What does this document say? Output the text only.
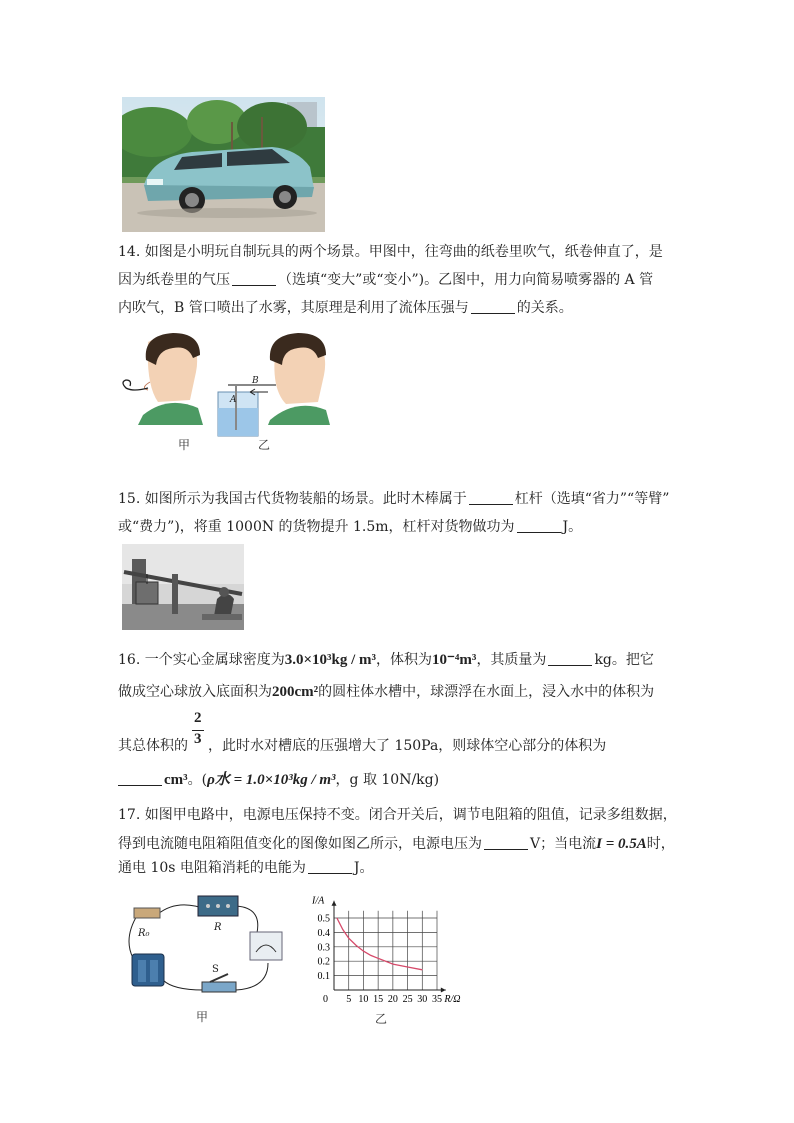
14. 如图是小明玩自制玩具的两个场景。甲图中，往弯曲的纸卷里吹气，纸卷伸直了，是
因为纸卷里的气压	（选填“变大”或“变小”)。乙图中，用力向简易喷雾器的 A 管
内吹气，B 管口喷出了水雾，其原理是利用了流体压强与	的关系。
B
A
甲	乙
15. 如图所示为我国古代货物装船的场景。此时木棒属于	杠杆（选填“省力”“等臂”
或“费力”)，将重 1000N 的货物提升 1.5m，杠杆对货物做功为	J。
16. 一个实心金属球密度为3.0×10³kg / m³，体积为10⁻⁴m³，其质量为	kg。把它
做成空心球放入底面积为200cm²的圆柱体水槽中，球漂浮在水面上，浸入水中的体积为
2
3
其总体积的 ，此时水对槽底的压强增大了 150Pa，则球体空心部分的体积为
cm³。(ρ水 = 1.0×10³kg / m³，g 取 10N/kg)
17. 如图甲电路中，电源电压保持不变。闭合开关后，调节电阻箱的阻值，记录多组数据，
得到电流随电阻箱阻值变化的图像如图乙所示，电源电压为	V；当电流I = 0.5A时，
通电 10s 电阻箱消耗的电能为	J。
R₀
R
S
甲
5 10 15 20 25 30 35
0.1
0.2
0.3
0.4
0.5
0
I/A
R/Ω
乙
